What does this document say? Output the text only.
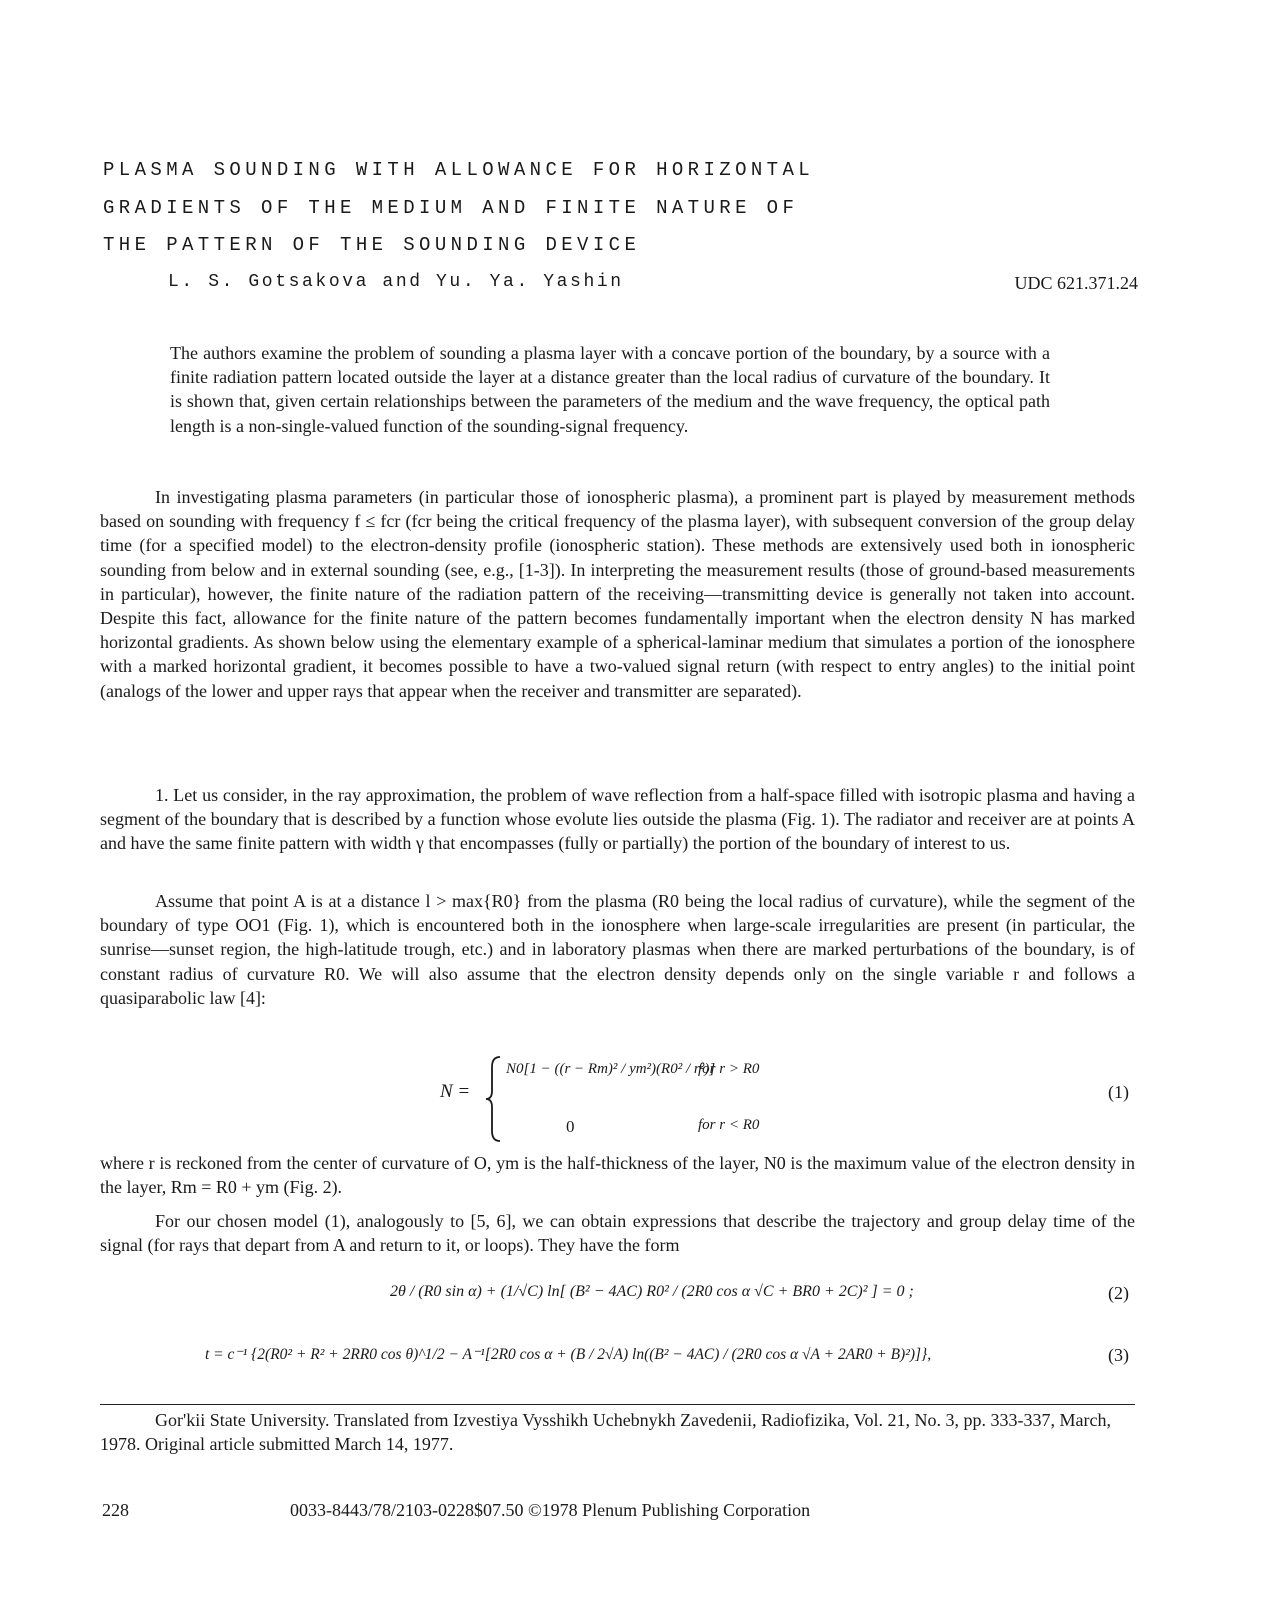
PLASMA SOUNDING WITH ALLOWANCE FOR HORIZONTAL
GRADIENTS OF THE MEDIUM AND FINITE NATURE OF
THE PATTERN OF THE SOUNDING DEVICE
L. S. Gotsakova and Yu. Ya. Yashin	UDC 621.371.24
The authors examine the problem of sounding a plasma layer with a concave portion of the boundary, by a source with a finite radiation pattern located outside the layer at a distance greater than the local radius of curvature of the boundary. It is shown that, given certain relationships between the parameters of the medium and the wave frequency, the optical path length is a non-single-valued function of the sounding-signal frequency.

In investigating plasma parameters (in particular those of ionospheric plasma), a prominent part is played by measurement methods based on sounding with frequency f ≤ fcr (fcr being the critical frequency of the plasma layer), with subsequent conversion of the group delay time (for a specified model) to the electron-density profile (ionospheric station). These methods are extensively used both in ionospheric sounding from below and in external sounding (see, e.g., [1-3]). In interpreting the measurement results (those of ground-based measurements in particular), however, the finite nature of the radiation pattern of the receiving—transmitting device is generally not taken into account. Despite this fact, allowance for the finite nature of the pattern becomes fundamentally important when the electron density N has marked horizontal gradients. As shown below using the elementary example of a spherical-laminar medium that simulates a portion of the ionosphere with a marked horizontal gradient, it becomes possible to have a two-valued signal return (with respect to entry angles) to the initial point (analogs of the lower and upper rays that appear when the receiver and transmitter are separated).

1. Let us consider, in the ray approximation, the problem of wave reflection from a half-space filled with isotropic plasma and having a segment of the boundary that is described by a function whose evolute lies outside the plasma (Fig. 1). The radiator and receiver are at points A and have the same finite pattern with width γ that encompasses (fully or partially) the portion of the boundary of interest to us.

Assume that point A is at a distance l > max{R0} from the plasma (R0 being the local radius of curvature), while the segment of the boundary of type OO1 (Fig. 1), which is encountered both in the ionosphere when large-scale irregularities are present (in particular, the sunrise—sunset region, the high-latitude trough, etc.) and in laboratory plasmas when there are marked perturbations of the boundary, is of constant radius of curvature R0. We will also assume that the electron density depends only on the single variable r and follows a quasiparabolic law [4]:

N =
N0[1 − ((r − Rm)² / ym²)(R0² / r²)]
for r > R0
0	for r < R0
(1)

where r is reckoned from the center of curvature of O, ym is the half-thickness of the layer, N0 is the maximum value of the electron density in the layer, Rm = R0 + ym (Fig. 2).

For our chosen model (1), analogously to [5, 6], we can obtain expressions that describe the trajectory and group delay time of the signal (for rays that depart from A and return to it, or loops). They have the form

2θ / (R0 sin α) + (1/√C) ln[ (B² − 4AC) R0² / (2R0 cos α √C + BR0 + 2C)² ] = 0 ;	(2)
t = c⁻¹ {2(R0² + R² + 2RR0 cos θ)^1/2 − A⁻¹[2R0 cos α + (B / 2√A) ln((B² − 4AC) / (2R0 cos α √A + 2AR0 + B)²)]},	(3)

Gor'kii State University. Translated from Izvestiya Vysshikh Uchebnykh Zavedenii, Radiofizika, Vol. 21, No. 3, pp. 333-337, March, 1978. Original article submitted March 14, 1977.

228	0033-8443/78/2103-0228$07.50 ©1978 Plenum Publishing Corporation
